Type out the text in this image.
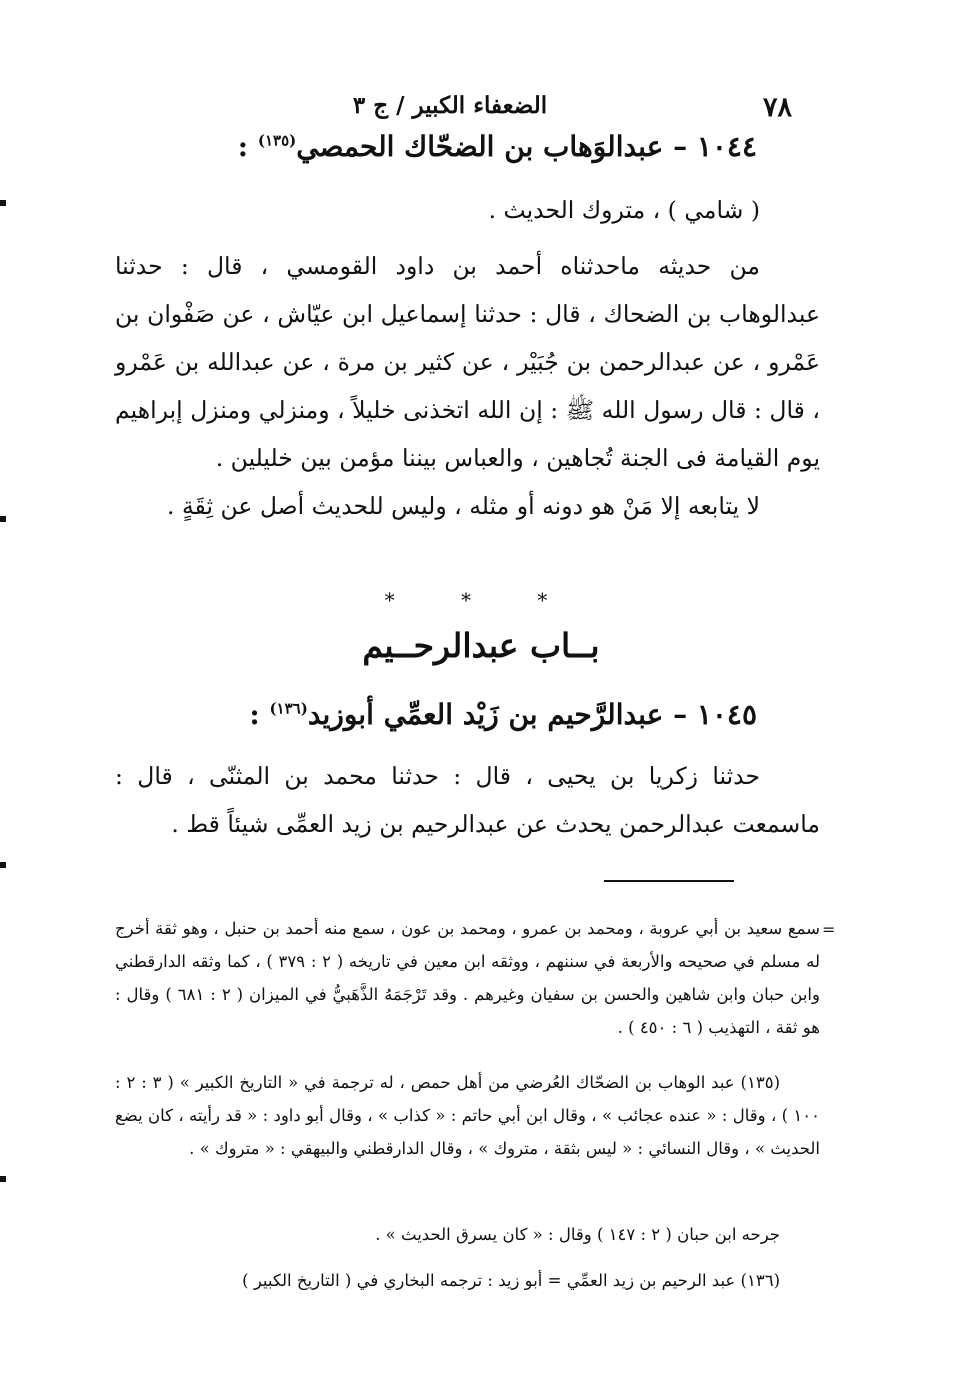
٧٨
الضعفاء الكبير / ج ٣
١٠٤٤ – عبدالوَهاب بن الضحّاك الحمصي$^{(١٣٥)}$ :
( شامي ) ، متروك الحديث .
من حديثه ماحدثناه أحمد بن داود القومسي ، قال : حدثنا عبدالوهاب بن الضحاك ، قال : حدثنا إسماعيل ابن عيّاش ، عن صَفْوان بن عَمْرو ، عن عبدالرحمن بن جُبَيْر ، عن كثير بن مرة ، عن عبدالله بن عَمْرو ، قال : قال رسول الله ﷺ : إن الله اتخذنى خليلاً ، ومنزلي ومنزل إبراهيم يوم القيامة فى الجنة تُجاهين ، والعباس بيننا مؤمن بين خليلين .
لا يتابعه إلا مَنْ هو دونه أو مثله ، وليس للحديث أصل عن ثِقَةٍ .
* * *
بــاب عبدالرحــيم
١٠٤٥ – عبدالرَّحيم بن زَيْد العمِّي أبوزيد$^{(١٣٦)}$ :
حدثنا زكريا بن يحيى ، قال : حدثنا محمد بن المثنّى ، قال : ماسمعت عبدالرحمن يحدث عن عبدالرحيم بن زيد العمِّى شيئاً قط .
=
سمع سعيد بن أبي عروبة ، ومحمد بن عمرو ، ومحمد بن عون ، سمع منه أحمد بن حنبل ، وهو ثقة أخرج له مسلم في صحيحه والأربعة في سننهم ، ووثقه ابن معين في تاريخه ( ٢ : ٣٧٩ ) ، كما وثقه الدارقطني وابن حبان وابن شاهين والحسن بن سفيان وغيرهم . وقد تَرْجَمَهُ الذَّهَبيُّ في الميزان ( ٢ : ٦٨١ ) وقال : هو ثقة ، التهذيب ( ٦ : ٤٥٠ ) .
(١٣٥) عبد الوهاب بن الضحّاك العُرضي من أهل حمص ، له ترجمة في « التاريخ الكبير » ( ٣ : ٢ : ١٠٠ ) ، وقال : « عنده عجائب » ، وقال ابن أبي حاتم : « كذاب » ، وقال أبو داود : « قد رأيته ، كان يضع الحديث » ، وقال النسائي : « ليس بثقة ، متروك » ، وقال الدارقطني والبيهقي : « متروك » .
جرحه ابن حبان ( ٢ : ١٤٧ ) وقال : « كان يسرق الحديث » .
(١٣٦) عبد الرحيم بن زيد العمِّي = أبو زيد : ترجمه البخاري في ( التاريخ الكبير )
